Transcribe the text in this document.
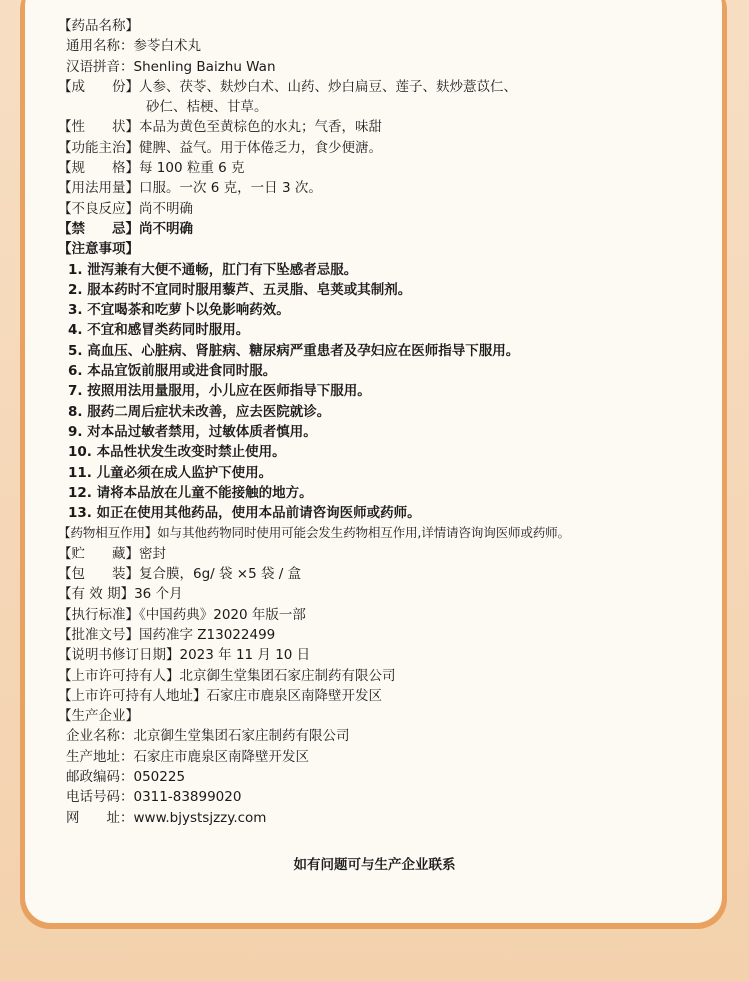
【药品名称】
通用名称：参苓白术丸
汉语拼音：Shenling Baizhu Wan
【成　　份】人参、茯苓、麸炒白术、山药、炒白扁豆、莲子、麸炒薏苡仁、
砂仁、桔梗、甘草。
【性　　状】本品为黄色至黄棕色的水丸；气香，味甜
【功能主治】健脾、益气。用于体倦乏力，食少便溏。
【规　　格】每 100 粒重 6 克
【用法用量】口服。一次 6 克，一日 3 次。
【不良反应】尚不明确
【禁　　忌】尚不明确
【注意事项】
1. 泄泻兼有大便不通畅，肛门有下坠感者忌服。
2. 服本药时不宜同时服用藜芦、五灵脂、皂荚或其制剂。
3. 不宜喝茶和吃萝卜以免影响药效。
4. 不宜和感冒类药同时服用。
5. 高血压、心脏病、肾脏病、糖尿病严重患者及孕妇应在医师指导下服用。
6. 本品宜饭前服用或进食同时服。
7. 按照用法用量服用，小儿应在医师指导下服用。
8. 服药二周后症状未改善，应去医院就诊。
9. 对本品过敏者禁用，过敏体质者慎用。
10. 本品性状发生改变时禁止使用。
11. 儿童必须在成人监护下使用。
12. 请将本品放在儿童不能接触的地方。
13. 如正在使用其他药品，使用本品前请咨询医师或药师。
【药物相互作用】如与其他药物同时使用可能会发生药物相互作用,详情请咨询询医师或药师。
【贮　　藏】密封
【包　　装】复合膜，6g/ 袋 ×5 袋 / 盒
【有 效 期】36 个月
【执行标准】《中国药典》2020 年版一部
【批准文号】国药准字 Z13022499
【说明书修订日期】2023 年 11 月 10 日
【上市许可持有人】北京御生堂集团石家庄制药有限公司
【上市许可持有人地址】石家庄市鹿泉区南降壁开发区
【生产企业】
企业名称：北京御生堂集团石家庄制药有限公司
生产地址：石家庄市鹿泉区南降壁开发区
邮政编码：050225
电话号码：0311-83899020
网　　址：www.bjystsjzzy.com
如有问题可与生产企业联系
